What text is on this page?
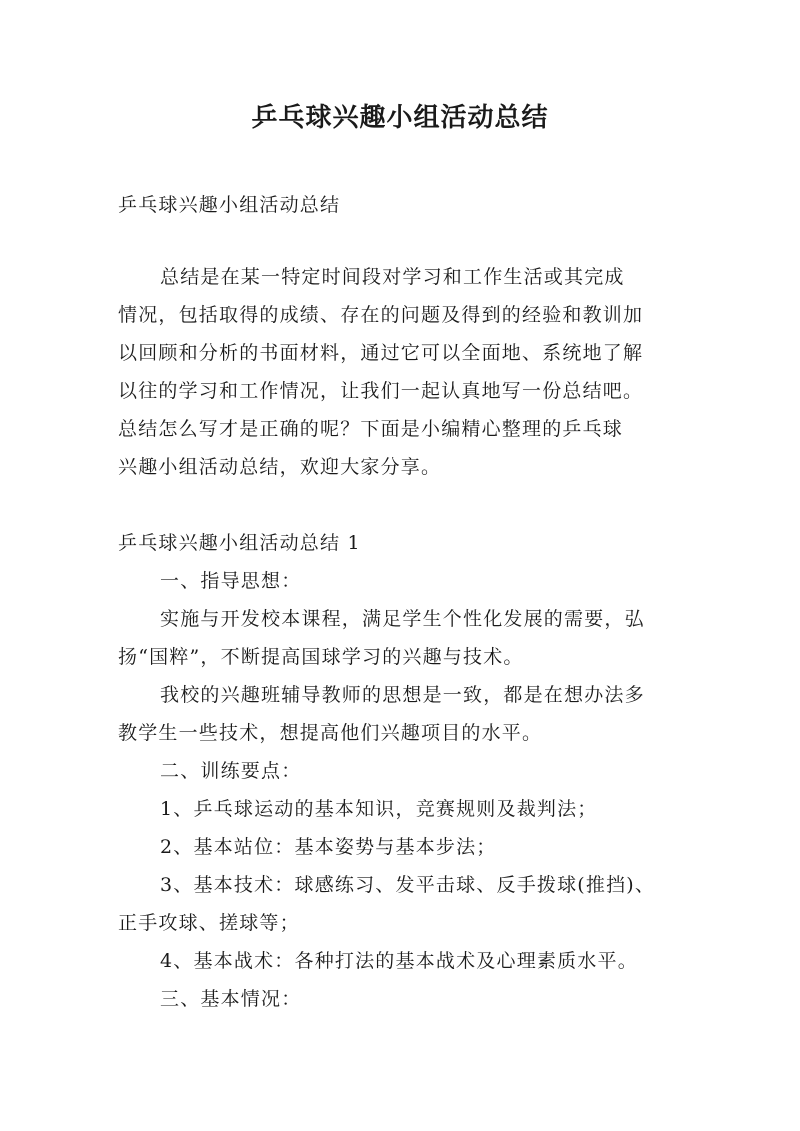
乒乓球兴趣小组活动总结
乒乓球兴趣小组活动总结
总结是在某一特定时间段对学习和工作生活或其完成
情况，包括取得的成绩、存在的问题及得到的经验和教训加
以回顾和分析的书面材料，通过它可以全面地、系统地了解
以往的学习和工作情况，让我们一起认真地写一份总结吧。
总结怎么写才是正确的呢？下面是小编精心整理的乒乓球
兴趣小组活动总结，欢迎大家分享。
乒乓球兴趣小组活动总结 1
一、指导思想：
实施与开发校本课程，满足学生个性化发展的需要，弘
扬“国粹”，不断提高国球学习的兴趣与技术。
我校的兴趣班辅导教师的思想是一致，都是在想办法多
教学生一些技术，想提高他们兴趣项目的水平。
二、训练要点：
1、乒乓球运动的基本知识，竞赛规则及裁判法；
2、基本站位：基本姿势与基本步法；
3、基本技术：球感练习、发平击球、反手拨球(推挡)、
正手攻球、搓球等；
4、基本战术：各种打法的基本战术及心理素质水平。
三、基本情况：
